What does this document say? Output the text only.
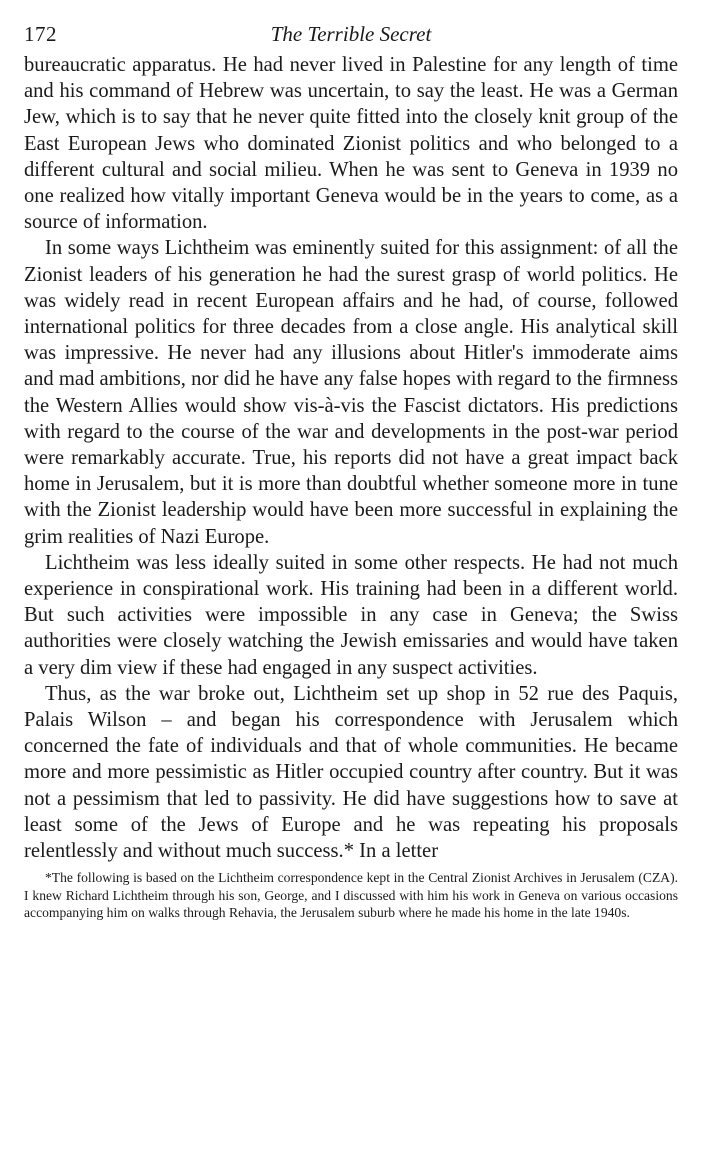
172	The Terrible Secret

bureaucratic apparatus. He had never lived in Palestine for any length of time and his command of Hebrew was uncertain, to say the least. He was a German Jew, which is to say that he never quite fitted into the closely knit group of the East European Jews who dominated Zionist politics and who belonged to a different cultural and social milieu. When he was sent to Geneva in 1939 no one realized how vitally important Geneva would be in the years to come, as a source of information.

In some ways Lichtheim was eminently suited for this assignment: of all the Zionist leaders of his generation he had the surest grasp of world politics. He was widely read in recent European affairs and he had, of course, followed international politics for three decades from a close angle. His analytical skill was impressive. He never had any illusions about Hitler's immoderate aims and mad ambitions, nor did he have any false hopes with regard to the firmness the Western Allies would show vis-à-vis the Fascist dictators. His predictions with regard to the course of the war and developments in the post-war period were remarkably accurate. True, his reports did not have a great impact back home in Jerusalem, but it is more than doubtful whether someone more in tune with the Zionist leadership would have been more successful in explaining the grim realities of Nazi Europe.

Lichtheim was less ideally suited in some other respects. He had not much experience in conspirational work. His training had been in a different world. But such activities were impossible in any case in Geneva; the Swiss authorities were closely watching the Jewish emissaries and would have taken a very dim view if these had engaged in any suspect activities.

Thus, as the war broke out, Lichtheim set up shop in 52 rue des Paquis, Palais Wilson – and began his correspondence with Jerusalem which concerned the fate of individuals and that of whole communities. He became more and more pessimistic as Hitler occupied country after country. But it was not a pessimism that led to passivity. He did have suggestions how to save at least some of the Jews of Europe and he was repeating his proposals relentlessly and without much success.* In a letter

*The following is based on the Lichtheim correspondence kept in the Central Zionist Archives in Jerusalem (CZA). I knew Richard Lichtheim through his son, George, and I discussed with him his work in Geneva on various occasions accompanying him on walks through Rehavia, the Jerusalem suburb where he made his home in the late 1940s.
